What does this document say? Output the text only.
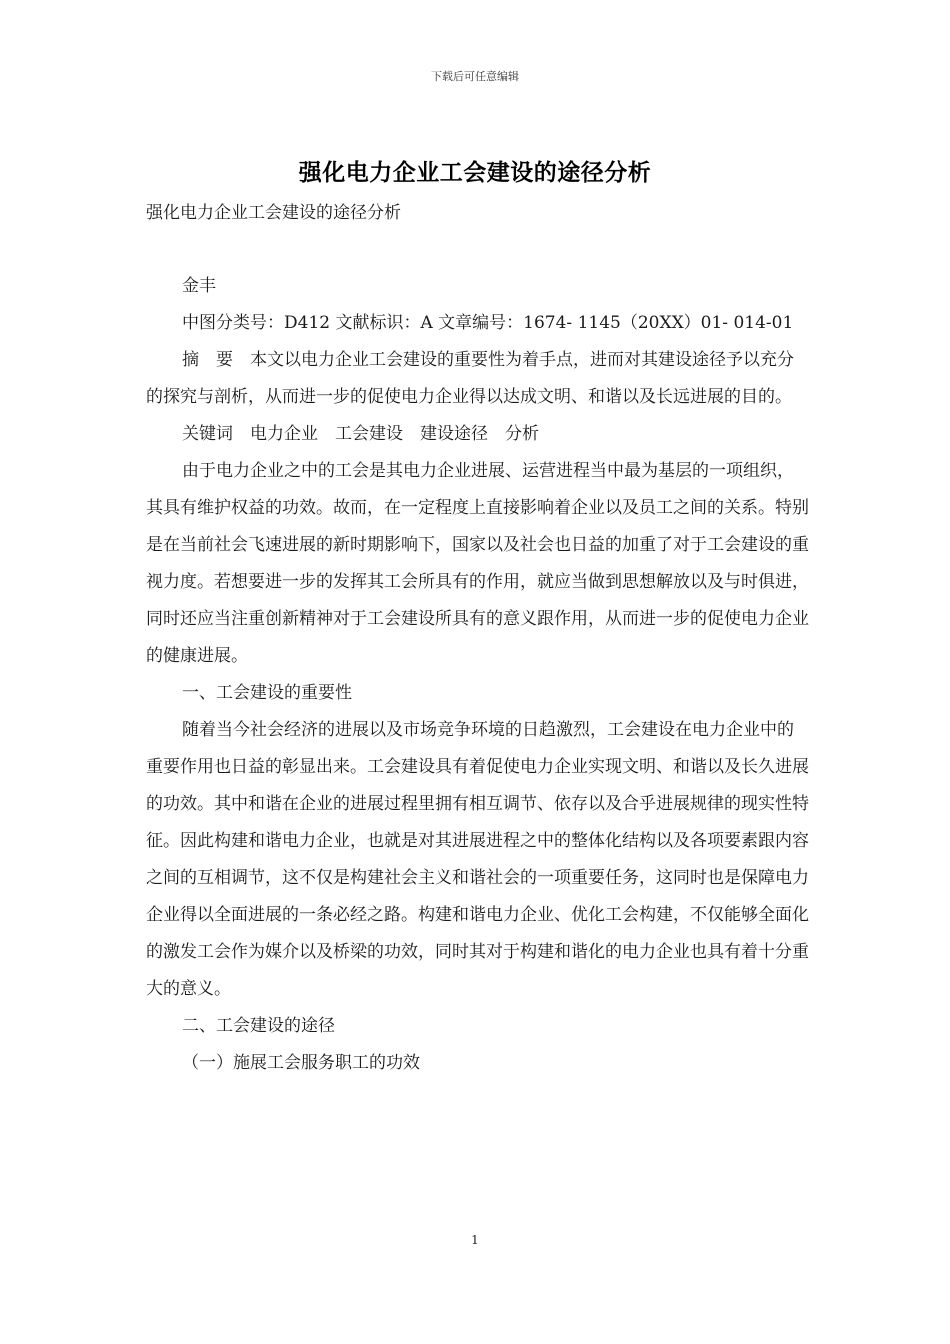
下载后可任意编辑
强化电力企业工会建设的途径分析

强化电力企业工会建设的途径分析

金丰

中图分类号：D412 文献标识：A 文章编号：1674- 1145（20XX）01- 014-01

摘　要　本文以电力企业工会建设的重要性为着手点，进而对其建设途径予以充分的探究与剖析，从而进一步的促使电力企业得以达成文明、和谐以及长远进展的目的。

关键词　电力企业　工会建设　建设途径　分析

由于电力企业之中的工会是其电力企业进展、运营进程当中最为基层的一项组织，其具有维护权益的功效。故而，在一定程度上直接影响着企业以及员工之间的关系。特别是在当前社会飞速进展的新时期影响下，国家以及社会也日益的加重了对于工会建设的重视力度。若想要进一步的发挥其工会所具有的作用，就应当做到思想解放以及与时俱进，同时还应当注重创新精神对于工会建设所具有的意义跟作用，从而进一步的促使电力企业的健康进展。

一、工会建设的重要性

随着当今社会经济的进展以及市场竞争环境的日趋激烈，工会建设在电力企业中的重要作用也日益的彰显出来。工会建设具有着促使电力企业实现文明、和谐以及长久进展的功效。其中和谐在企业的进展过程里拥有相互调节、依存以及合乎进展规律的现实性特征。因此构建和谐电力企业，也就是对其进展进程之中的整体化结构以及各项要素跟内容之间的互相调节，这不仅是构建社会主义和谐社会的一项重要任务，这同时也是保障电力企业得以全面进展的一条必经之路。构建和谐电力企业、优化工会构建，不仅能够全面化的激发工会作为媒介以及桥梁的功效，同时其对于构建和谐化的电力企业也具有着十分重大的意义。

二、工会建设的途径

（一）施展工会服务职工的功效

1
